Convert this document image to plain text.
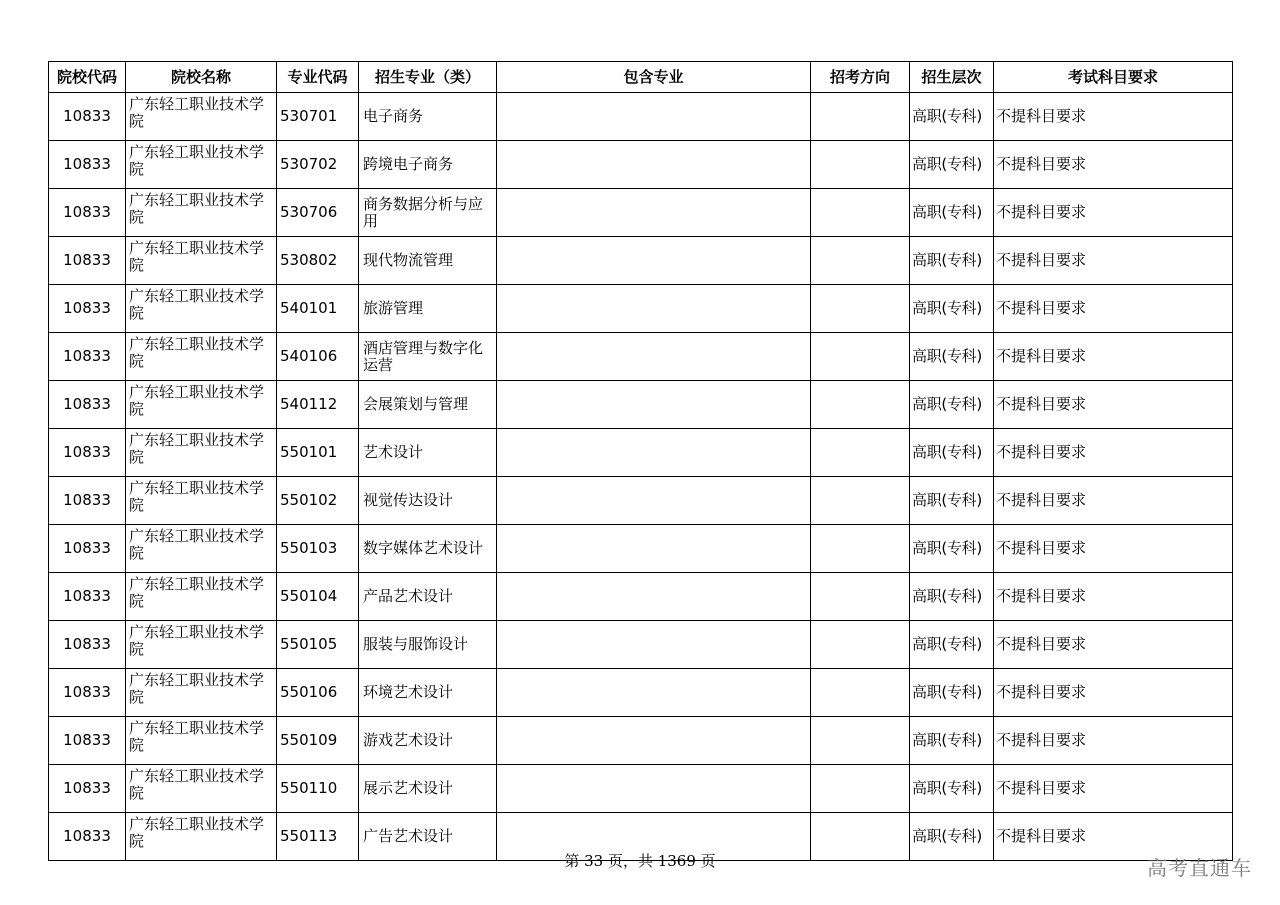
院校代码	院校名称	专业代码	招生专业（类）	包含专业	招考方向	招生层次	考试科目要求
10833	广东轻工职业技术学院	530701	电子商务			高职(专科)	不提科目要求
10833	广东轻工职业技术学院	530702	跨境电子商务			高职(专科)	不提科目要求
10833	广东轻工职业技术学院	530706	商务数据分析与应用			高职(专科)	不提科目要求
10833	广东轻工职业技术学院	530802	现代物流管理			高职(专科)	不提科目要求
10833	广东轻工职业技术学院	540101	旅游管理			高职(专科)	不提科目要求
10833	广东轻工职业技术学院	540106	酒店管理与数字化运营			高职(专科)	不提科目要求
10833	广东轻工职业技术学院	540112	会展策划与管理			高职(专科)	不提科目要求
10833	广东轻工职业技术学院	550101	艺术设计			高职(专科)	不提科目要求
10833	广东轻工职业技术学院	550102	视觉传达设计			高职(专科)	不提科目要求
10833	广东轻工职业技术学院	550103	数字媒体艺术设计			高职(专科)	不提科目要求
10833	广东轻工职业技术学院	550104	产品艺术设计			高职(专科)	不提科目要求
10833	广东轻工职业技术学院	550105	服装与服饰设计			高职(专科)	不提科目要求
10833	广东轻工职业技术学院	550106	环境艺术设计			高职(专科)	不提科目要求
10833	广东轻工职业技术学院	550109	游戏艺术设计			高职(专科)	不提科目要求
10833	广东轻工职业技术学院	550110	展示艺术设计			高职(专科)	不提科目要求
10833	广东轻工职业技术学院	550113	广告艺术设计			高职(专科)	不提科目要求
第 33 页，共 1369 页	高考直通车
